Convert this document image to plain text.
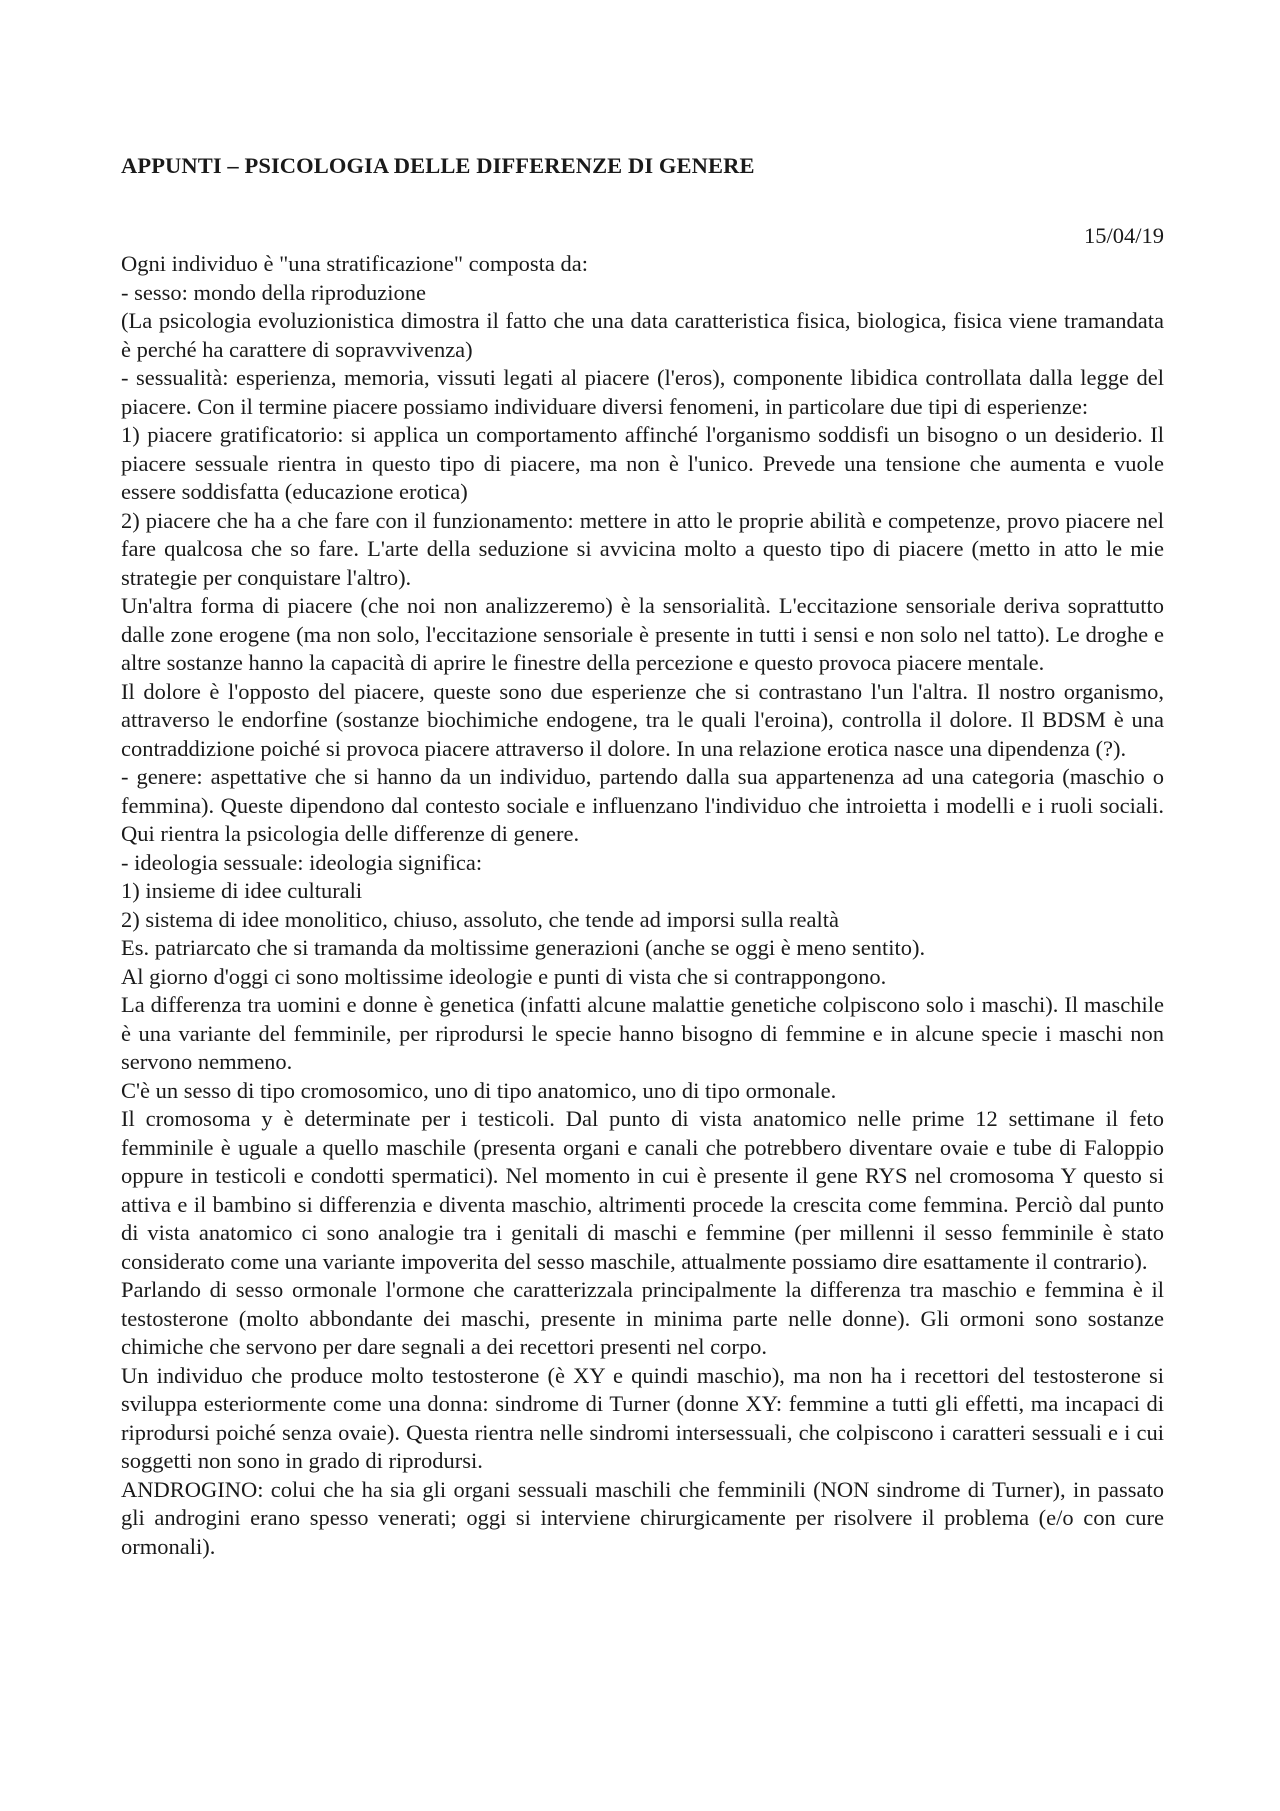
APPUNTI – PSICOLOGIA DELLE DIFFERENZE DI GENERE
15/04/19

Ogni individuo è "una stratificazione" composta da:

- sesso: mondo della riproduzione

(La psicologia evoluzionistica dimostra il fatto che una data caratteristica fisica, biologica, fisica viene tramandata è perché ha carattere di sopravvivenza)

- sessualità: esperienza, memoria, vissuti legati al piacere (l'eros), componente libidica controllata dalla legge del piacere. Con il termine piacere possiamo individuare diversi fenomeni, in particolare due tipi di esperienze:

1) piacere gratificatorio: si applica un comportamento affinché l'organismo soddisfi un bisogno o un desiderio. Il piacere sessuale rientra in questo tipo di piacere, ma non è l'unico. Prevede una tensione che aumenta e vuole essere soddisfatta (educazione erotica)

2) piacere che ha a che fare con il funzionamento: mettere in atto le proprie abilità e competenze, provo piacere nel fare qualcosa che so fare. L'arte della seduzione si avvicina molto a questo tipo di piacere (metto in atto le mie strategie per conquistare l'altro).

Un'altra forma di piacere (che noi non analizzeremo) è la sensorialità. L'eccitazione sensoriale deriva soprattutto dalle zone erogene (ma non solo, l'eccitazione sensoriale è presente in tutti i sensi e non solo nel tatto). Le droghe e altre sostanze hanno la capacità di aprire le finestre della percezione e questo provoca piacere mentale.

Il dolore è l'opposto del piacere, queste sono due esperienze che si contrastano l'un l'altra. Il nostro organismo, attraverso le endorfine (sostanze biochimiche endogene, tra le quali l'eroina), controlla il dolore. Il BDSM è una contraddizione poiché si provoca piacere attraverso il dolore. In una relazione erotica nasce una dipendenza (?).

- genere: aspettative che si hanno da un individuo, partendo dalla sua appartenenza ad una categoria (maschio o femmina). Queste dipendono dal contesto sociale e influenzano l'individuo che introietta i modelli e i ruoli sociali. Qui rientra la psicologia delle differenze di genere.

- ideologia sessuale: ideologia significa:

1) insieme di idee culturali

2) sistema di idee monolitico, chiuso, assoluto, che tende ad imporsi sulla realtà

Es. patriarcato che si tramanda da moltissime generazioni (anche se oggi è meno sentito).

Al giorno d'oggi ci sono moltissime ideologie e punti di vista che si contrappongono.

La differenza tra uomini e donne è genetica (infatti alcune malattie genetiche colpiscono solo i maschi). Il maschile è una variante del femminile, per riprodursi le specie hanno bisogno di femmine e in alcune specie i maschi non servono nemmeno.

C'è un sesso di tipo cromosomico, uno di tipo anatomico, uno di tipo ormonale.

Il cromosoma y è determinate per i testicoli. Dal punto di vista anatomico nelle prime 12 settimane il feto femminile è uguale a quello maschile (presenta organi e canali che potrebbero diventare ovaie e tube di Faloppio oppure in testicoli e condotti spermatici). Nel momento in cui è presente il gene RYS nel cromosoma Y questo si attiva e il bambino si differenzia e diventa maschio, altrimenti procede la crescita come femmina. Perciò dal punto di vista anatomico ci sono analogie tra i genitali di maschi e femmine (per millenni il sesso femminile è stato considerato come una variante impoverita del sesso maschile, attualmente possiamo dire esattamente il contrario).

Parlando di sesso ormonale l'ormone che caratterizzala principalmente la differenza tra maschio e femmina è il testosterone (molto abbondante dei maschi, presente in minima parte nelle donne). Gli ormoni sono sostanze chimiche che servono per dare segnali a dei recettori presenti nel corpo.

Un individuo che produce molto testosterone (è XY e quindi maschio), ma non ha i recettori del testosterone si sviluppa esteriormente come una donna: sindrome di Turner (donne XY: femmine a tutti gli effetti, ma incapaci di riprodursi poiché senza ovaie). Questa rientra nelle sindromi intersessuali, che colpiscono i caratteri sessuali e i cui soggetti non sono in grado di riprodursi.

ANDROGINO: colui che ha sia gli organi sessuali maschili che femminili (NON sindrome di Turner), in passato gli androgini erano spesso venerati; oggi si interviene chirurgicamente per risolvere il problema (e/o con cure ormonali).
